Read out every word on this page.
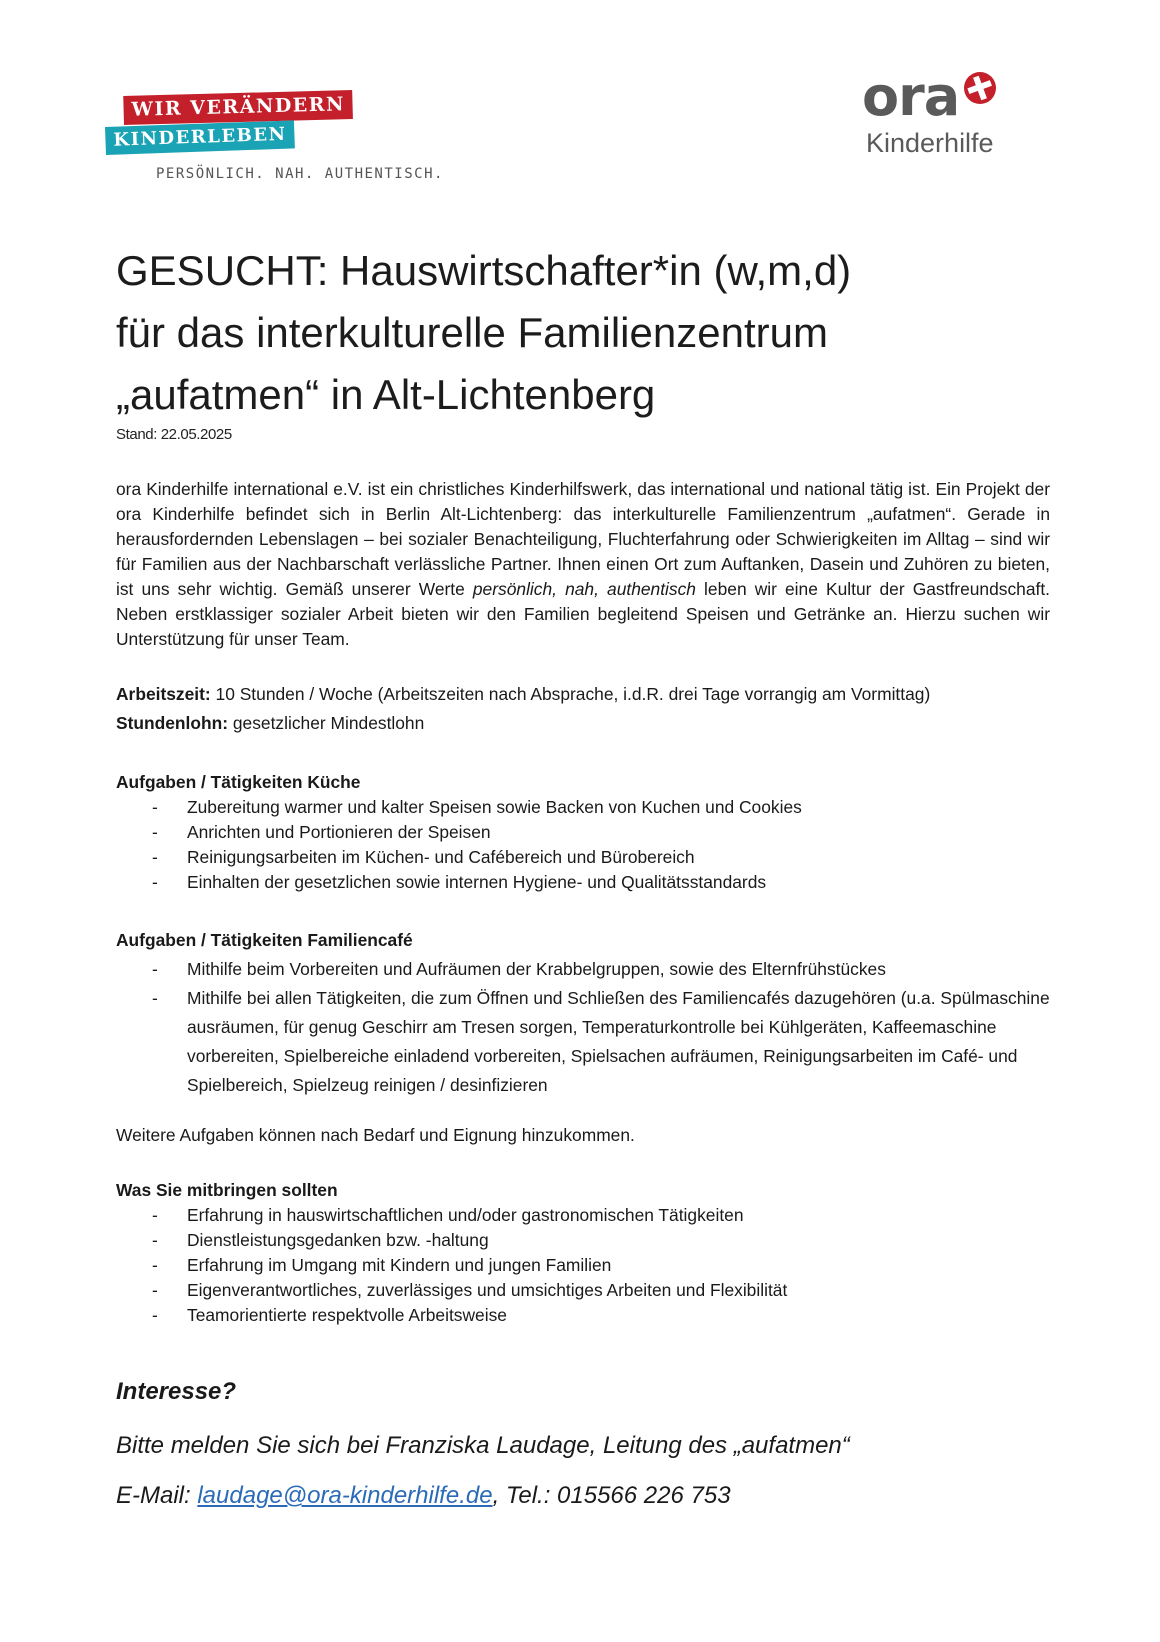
WIR VERÄNDERN
KINDERLEBEN
PERSÖNLICH. NAH. AUTHENTISCH.
ora
Kinderhilfe
GESUCHT: Hauswirtschafter*in (w,m,d)
für das interkulturelle Familienzentrum
„aufatmen“ in Alt-Lichtenberg
Stand: 22.05.2025

ora Kinderhilfe international e.V. ist ein christliches Kinderhilfswerk, das international und national tätig ist. Ein Projekt der ora Kinderhilfe befindet sich in Berlin Alt-Lichtenberg: das interkulturelle Familienzentrum „aufatmen“. Gerade in herausfordernden Lebenslagen – bei sozialer Benachteiligung, Fluchterfahrung oder Schwierigkeiten im Alltag – sind wir für Familien aus der Nachbarschaft verlässliche Partner. Ihnen einen Ort zum Auftanken, Dasein und Zuhören zu bieten, ist uns sehr wichtig. Gemäß unserer Werte persönlich, nah, authentisch leben wir eine Kultur der Gastfreundschaft. Neben erstklassiger sozialer Arbeit bieten wir den Familien begleitend Speisen und Getränke an. Hierzu suchen wir Unterstützung für unser Team.

Arbeitszeit: 10 Stunden / Woche (Arbeitszeiten nach Absprache, i.d.R. drei Tage vorrangig am Vormittag)
Stundenlohn: gesetzlicher Mindestlohn
Aufgaben / Tätigkeiten Küche
- Zubereitung warmer und kalter Speisen sowie Backen von Kuchen und Cookies
- Anrichten und Portionieren der Speisen
- Reinigungsarbeiten im Küchen- und Cafébereich und Bürobereich
- Einhalten der gesetzlichen sowie internen Hygiene- und Qualitätsstandards
Aufgaben / Tätigkeiten Familiencafé
- Mithilfe beim Vorbereiten und Aufräumen der Krabbelgruppen, sowie des Elternfrühstückes
- Mithilfe bei allen Tätigkeiten, die zum Öffnen und Schließen des Familiencafés dazugehören (u.a. Spülmaschine ausräumen, für genug Geschirr am Tresen sorgen, Temperaturkontrolle bei Kühlgeräten, Kaffeemaschine vorbereiten, Spielbereiche einladend vorbereiten, Spielsachen aufräumen, Reinigungsarbeiten im Café- und Spielbereich, Spielzeug reinigen / desinfizieren
Weitere Aufgaben können nach Bedarf und Eignung hinzukommen.
Was Sie mitbringen sollten
- Erfahrung in hauswirtschaftlichen und/oder gastronomischen Tätigkeiten
- Dienstleistungsgedanken bzw. -haltung
- Erfahrung im Umgang mit Kindern und jungen Familien
- Eigenverantwortliches, zuverlässiges und umsichtiges Arbeiten und Flexibilität
- Teamorientierte respektvolle Arbeitsweise
Interesse?
Bitte melden Sie sich bei Franziska Laudage, Leitung des „aufatmen“
E-Mail: laudage@ora-kinderhilfe.de, Tel.: 015566 226 753
